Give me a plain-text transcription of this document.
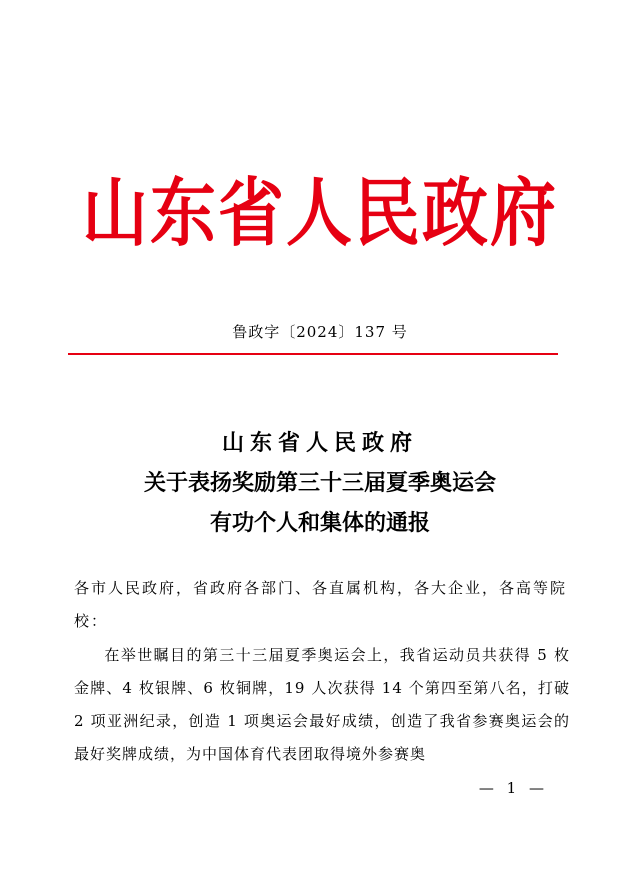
山东省人民政府
鲁政字〔2024〕137 号
山东省人民政府
关于表扬奖励第三十三届夏季奥运会
有功个人和集体的通报
各市人民政府，省政府各部门、各直属机构，各大企业，各高等院校：
在举世瞩目的第三十三届夏季奥运会上，我省运动员共获得 5 枚金牌、4 枚银牌、6 枚铜牌，19 人次获得 14 个第四至第八名，打破 2 项亚洲纪录，创造 1 项奥运会最好成绩，创造了我省参赛奥运会的最好奖牌成绩，为中国体育代表团取得境外参赛奥
— 1 —
